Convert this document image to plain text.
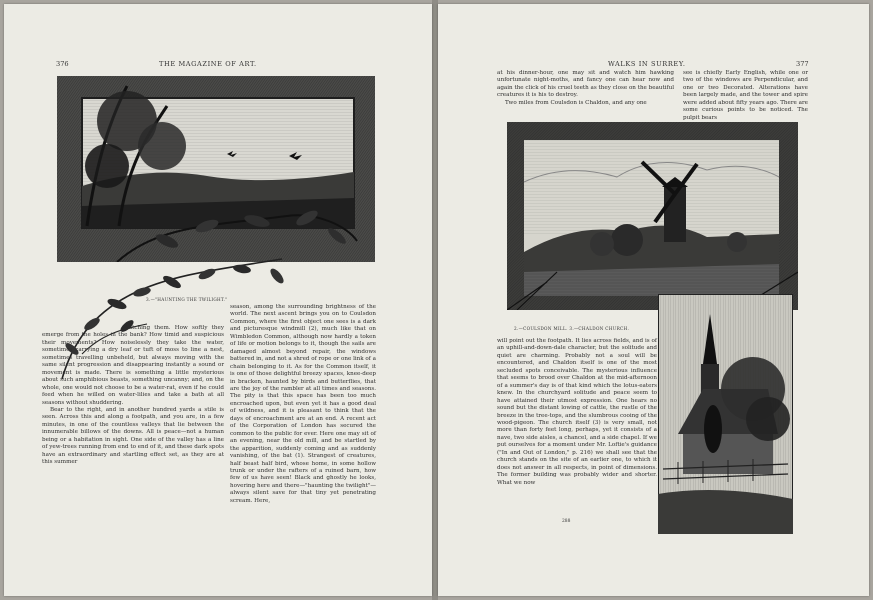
376	THE MAGAZINE OF ART.
3.—"HAUNTING THE TWILIGHT."

watching them. How softly they emerge from the holes in the bank? How timid and suspicious their movements? How noiselessly they take the water, sometimes carrying a dry leaf or tuft of moss to line a nest, sometimes travelling unbeheld, but always moving with the same silent progression and disappearing instantly a sound or movement is made. There is something a little mysterious about such amphibious beasts, something uncanny; and, on the whole, one would not choose to be a water-rat, even if he could feed when he willed on water-lilies and take a bath at all seasons without shuddering.

Bear to the right, and in another hundred yards a stile is seen. Across this and along a footpath, and you are, in a few minutes, in one of the countless valleys that lie between the innumerable billows of the downs. All is peace—not a human being or a habitation in sight. One side of the valley has a line of yew-trees running from end to end of it, and these dark spots have an extraordinary and startling effect set, as they are at this summer

season, among the surrounding brightness of the world. The next ascent brings you on to Coulsdon Common, where the first object one sees is a dark and picturesque windmill (2), much like that on Wimbledon Common, although now hardly a token of life or motion belongs to it, though the sails are damaged almost beyond repair, the windows battered in, and not a shred of rope or one link of a chain belonging to it. As for the Common itself, it is one of those delightful breezy spaces, knee-deep in bracken, haunted by birds and butterflies, that are the joy of the rambler at all times and seasons. The pity is that this space has been too much encroached upon, but even yet it has a good deal of wildness, and it is pleasant to think that the days of encroachment are at an end. A recent act of the Corporation of London has secured the common to the public for ever. Here one may sit of an evening, near the old mill, and be startled by the apparition, suddenly coming and as suddenly vanishing, of the bat (1). Strangest of creatures, half beast half bird, whose home, in some hollow trunk or under the rafters of a ruined barn, how few of us have seen! Black and ghostly he looks, hovering here and there—"haunting the twilight"—always silent save for that tiny yet penetrating scream. Here,

WALKS IN SURREY.	377

at his dinner-hour, one may sit and watch him hawking unfortunate night-moths, and fancy one can hear now and again the click of his cruel teeth as they close on the beautiful creatures it is his to destroy.

Two miles from Coulsdon is Chaldon, and any one

see is chiefly Early English, while one or two of the windows are Perpendicular, and one or two Decorated. Alterations have been largely made, and the tower and spire were added about fifty years ago. There are some curious points to be noticed. The pulpit bears

2.—COULSDON MILL. 3.—CHALDON CHURCH.

will point out the footpath. It lies across fields, and is of an uphill-and-down-dale character, but the solitude and quiet are charming. Probably not a soul will be encountered, and Chaldon itself is one of the most secluded spots conceivable. The mysterious influence that seems to brood over Chaldon at the mid-afternoon of a summer's day is of that kind which the lotus-eaters knew. In the churchyard solitude and peace seem to have attained their utmost expression. One hears no sound but the distant lowing of cattle, the rustle of the breeze in the tree-tops, and the slumbrous cooing of the wood-pigeon. The church itself (3) is very small, not more than forty feet long, perhaps, yet it consists of a nave, two side aisles, a chancel, and a side chapel. If we put ourselves for a moment under Mr. Loftie's guidance ("In and Out of London," p. 216) we shall see that the church stands on the site of an earlier one, to which it does not answer in all respects, in point of dimensions. The former building was probably wider and shorter. What we now

288
